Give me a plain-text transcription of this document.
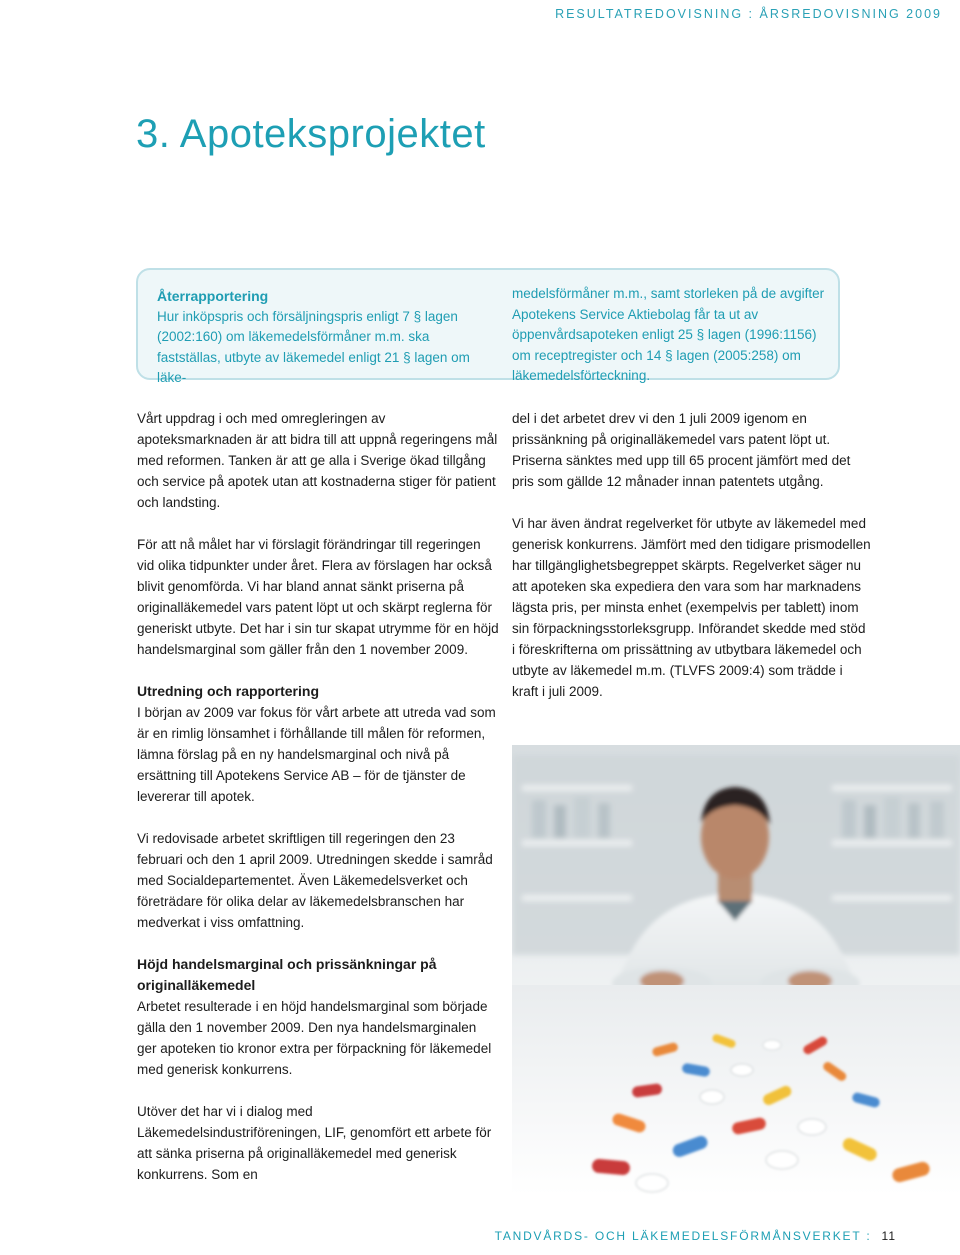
RESULTATREDOVISNING : ÅRSREDOVISNING 2009
3. Apoteksprojektet
Återrapportering
Hur inköpspris och försäljningspris enligt 7 § lagen (2002:160) om läkemedelsförmåner m.m. ska fastställas, utbyte av läkemedel enligt 21 § lagen om läke-
medelsförmåner m.m., samt storleken på de avgifter Apotekens Service Aktiebolag får ta ut av öppenvårdsapoteken enligt 25 § lagen (1996:1156) om receptregister och 14 § lagen (2005:258) om läkemedelsförteckning.

Vårt uppdrag i och med omregleringen av apoteksmarknaden är att bidra till att uppnå regeringens mål med reformen. Tanken är att ge alla i Sverige ökad tillgång och service på apotek utan att kostnaderna stiger för patient och landsting.

För att nå målet har vi förslagit förändringar till regeringen vid olika tidpunkter under året. Flera av förslagen har också blivit genomförda. Vi har bland annat sänkt priserna på originalläkemedel vars patent löpt ut och skärpt reglerna för generiskt utbyte. Det har i sin tur skapat utrymme för en höjd handelsmarginal som gäller från den 1 november 2009.

Utredning och rapportering

I början av 2009 var fokus för vårt arbete att utreda vad som är en rimlig lönsamhet i förhållande till målen för reformen, lämna förslag på en ny handelsmarginal och nivå på ersättning till Apotekens Service AB – för de tjänster de levererar till apotek.

Vi redovisade arbetet skriftligen till regeringen den 23 februari och den 1 april 2009. Utredningen skedde i samråd med Socialdepartementet. Även Läkemedelsverket och företrädare för olika delar av läkemedelsbranschen har medverkat i viss omfattning.

Höjd handelsmarginal och prissänkningar på originalläkemedel

Arbetet resulterade i en höjd handelsmarginal som började gälla den 1 november 2009. Den nya handelsmarginalen ger apoteken tio kronor extra per förpackning för läkemedel med generisk konkurrens.

Utöver det har vi i dialog med Läkemedelsindustriföreningen, LIF, genomfört ett arbete för att sänka priserna på originalläkemedel med generisk konkurrens. Som en

del i det arbetet drev vi den 1 juli 2009 igenom en prissänkning på originalläkemedel vars patent löpt ut. Priserna sänktes med upp till 65 procent jämfört med det pris som gällde 12 månader innan patentets utgång.

Vi har även ändrat regelverket för utbyte av läkemedel med generisk konkurrens. Jämfört med den tidigare prismodellen har tillgänglighetsbegreppet skärpts. Regelverket säger nu att apoteken ska expediera den vara som har marknadens lägsta pris, per minsta enhet (exempelvis per tablett) inom sin förpackningsstorleksgrupp. Införandet skedde med stöd i föreskrifterna om prissättning av utbytbara läkemedel och utbyte av läkemedel m.m. (TLVFS 2009:4) som trädde i kraft i juli 2009.

TANDVÅRDS- OCH LÄKEMEDELSFÖRMÅNSVERKET : 11
